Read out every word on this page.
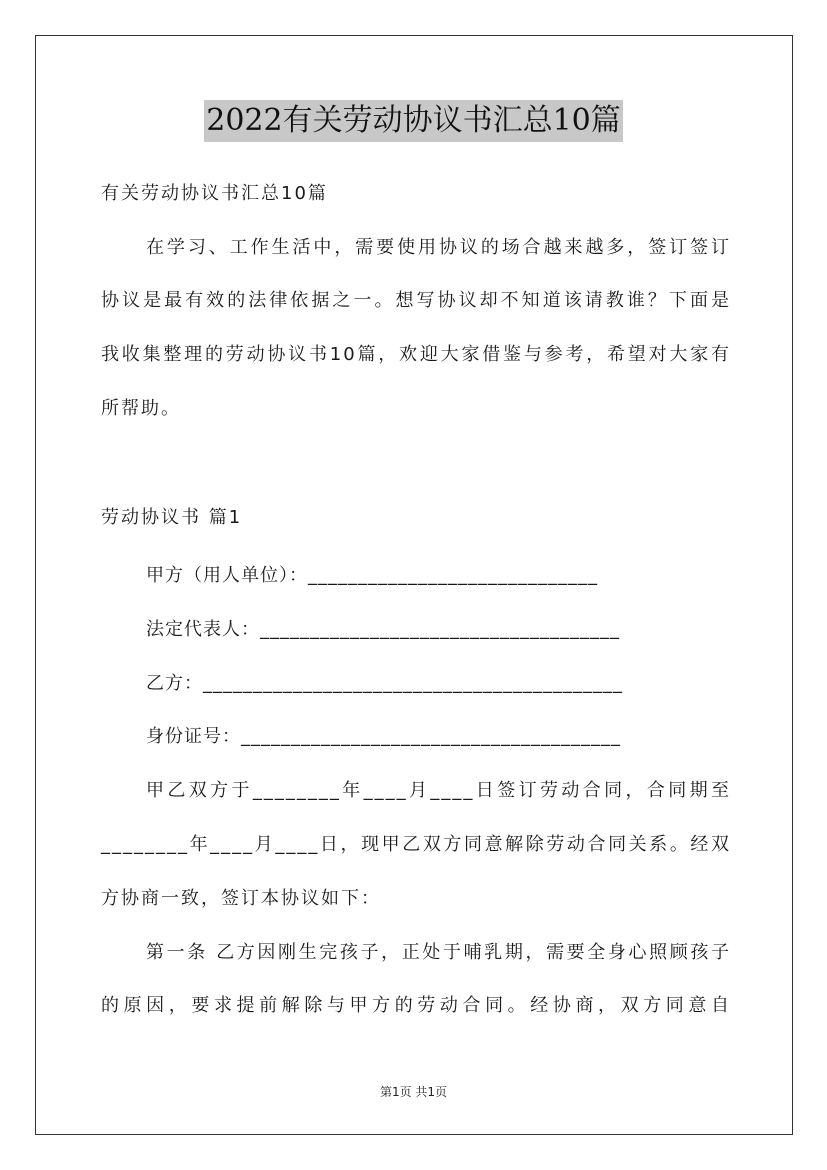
2022有关劳动协议书汇总10篇
有关劳动协议书汇总10篇
在学习、工作生活中，需要使用协议的场合越来越多，签订签订
协议是最有效的法律依据之一。想写协议却不知道该请教谁？下面是
我收集整理的劳动协议书10篇，欢迎大家借鉴与参考，希望对大家有
所帮助。
劳动协议书 篇1
甲方（用人单位）：_____________________________
法定代表人：____________________________________
乙方：__________________________________________
身份证号：______________________________________
甲乙双方于________年____月____日签订劳动合同，合同期至
________年____月____日，现甲乙双方同意解除劳动合同关系。经双
方协商一致，签订本协议如下：
第一条 乙方因刚生完孩子，正处于哺乳期，需要全身心照顾孩子
的原因，要求提前解除与甲方的劳动合同。经协商，双方同意自
第1页 共1页
